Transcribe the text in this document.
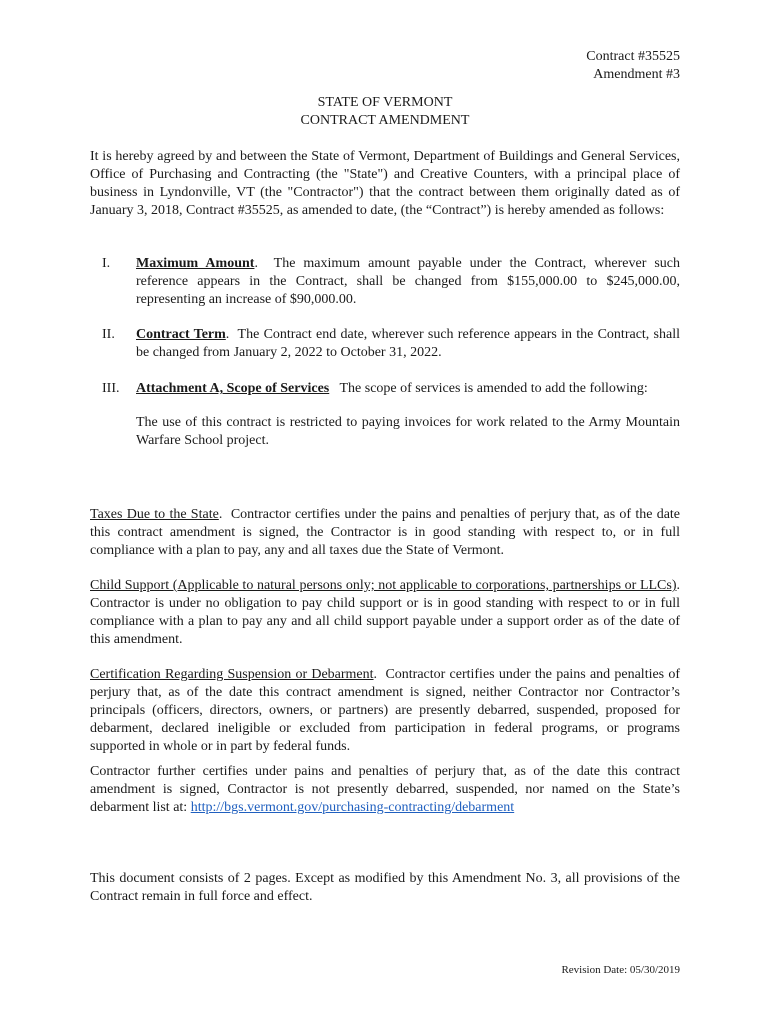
Contract #35525
Amendment #3
STATE OF VERMONT
CONTRACT AMENDMENT
It is hereby agreed by and between the State of Vermont, Department of Buildings and General Services, Office of Purchasing and Contracting (the "State") and Creative Counters, with a principal place of business in Lyndonville, VT (the "Contractor") that the contract between them originally dated as of January 3, 2018, Contract #35525, as amended to date, (the “Contract”) is hereby amended as follows:
I. Maximum Amount.  The maximum amount payable under the Contract, wherever such reference appears in the Contract, shall be changed from $155,000.00 to $245,000.00, representing an increase of $90,000.00.
II. Contract Term.  The Contract end date, wherever such reference appears in the Contract, shall be changed from January 2, 2022 to October 31, 2022.
III. Attachment A, Scope of Services The scope of services is amended to add the following:
The use of this contract is restricted to paying invoices for work related to the Army Mountain Warfare School project.
Taxes Due to the State.  Contractor certifies under the pains and penalties of perjury that, as of the date this contract amendment is signed, the Contractor is in good standing with respect to, or in full compliance with a plan to pay, any and all taxes due the State of Vermont.
Child Support (Applicable to natural persons only; not applicable to corporations, partnerships or LLCs). Contractor is under no obligation to pay child support or is in good standing with respect to or in full compliance with a plan to pay any and all child support payable under a support order as of the date of this amendment.
Certification Regarding Suspension or Debarment.  Contractor certifies under the pains and penalties of perjury that, as of the date this contract amendment is signed, neither Contractor nor Contractor’s principals (officers, directors, owners, or partners) are presently debarred, suspended, proposed for debarment, declared ineligible or excluded from participation in federal programs, or programs supported in whole or in part by federal funds.
Contractor further certifies under pains and penalties of perjury that, as of the date this contract amendment is signed, Contractor is not presently debarred, suspended, nor named on the State’s debarment list at: http://bgs.vermont.gov/purchasing-contracting/debarment
This document consists of 2 pages. Except as modified by this Amendment No. 3, all provisions of the Contract remain in full force and effect.
Revision Date: 05/30/2019
